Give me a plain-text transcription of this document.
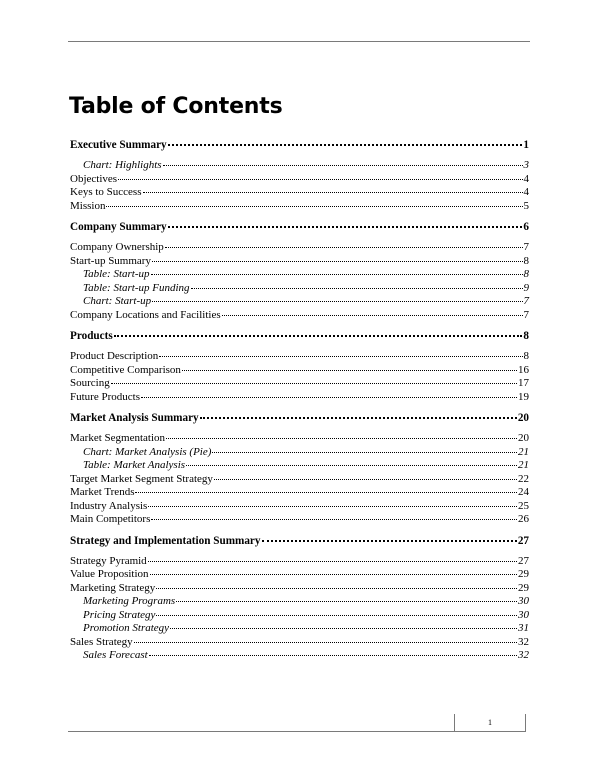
Table of Contents
Executive Summary	1
Chart: Highlights	3
Objectives	4
Keys to Success	4
Mission	5
Company Summary	6
Company Ownership	7
Start-up Summary	8
Table: Start-up	8
Table: Start-up Funding	9
Chart: Start-up	7
Company Locations and Facilities	7
Products	8
Product Description	8
Competitive Comparison	16
Sourcing	17
Future Products	19
Market Analysis Summary	20
Market Segmentation	20
Chart: Market Analysis (Pie)	21
Table: Market Analysis	21
Target Market Segment Strategy	22
Market Trends	24
Industry Analysis	25
Main Competitors	26
Strategy and Implementation Summary	27
Strategy Pyramid	27
Value Proposition	29
Marketing Strategy	29
Marketing Programs	30
Pricing Strategy	30
Promotion Strategy	31
Sales Strategy	32
Sales Forecast	32
1
